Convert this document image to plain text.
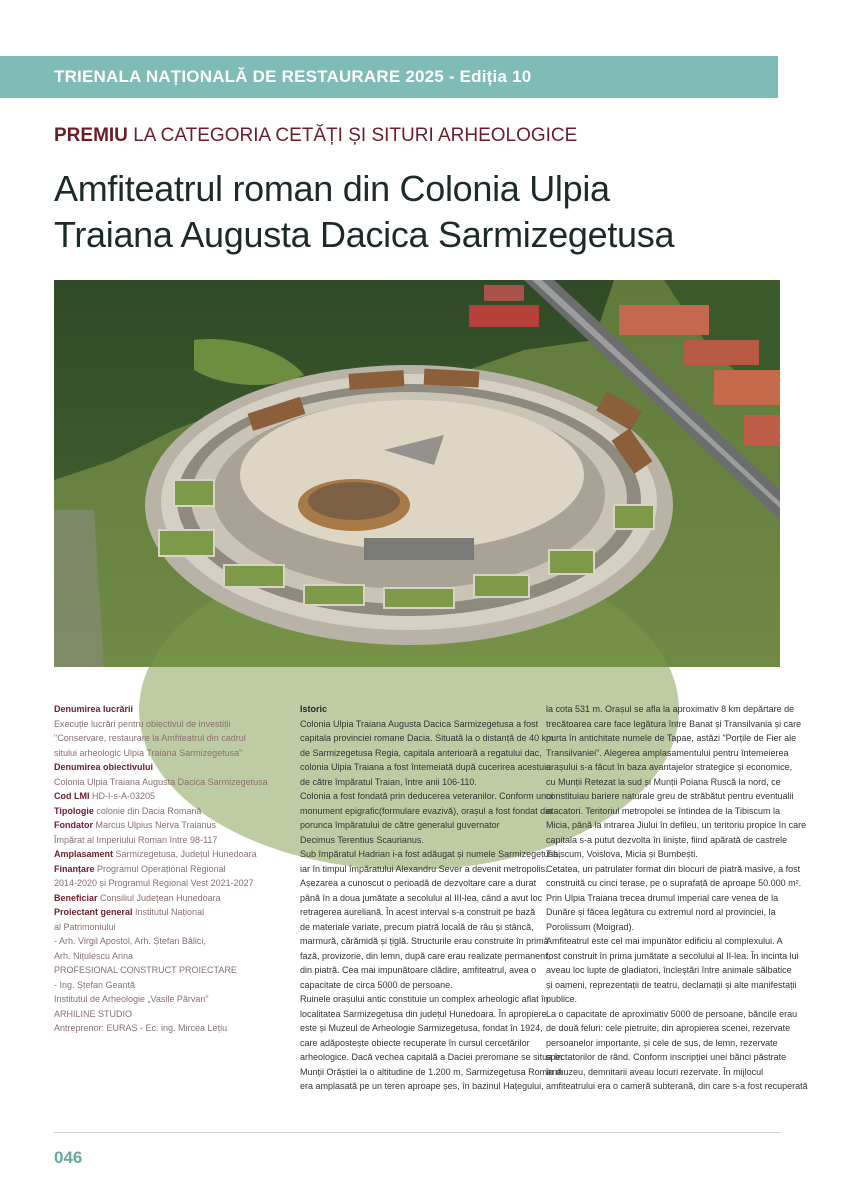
TRIENALA NAȚIONALĂ DE RESTAURARE 2025 - Ediția 10
PREMIU LA CATEGORIA CETĂȚI ȘI SITURI ARHEOLOGICE
Amfiteatrul roman din Colonia Ulpia
Traiana Augusta Dacica Sarmizegetusa
Denumirea lucrării
Execuție lucrări pentru obiectivul de investiții
"Conservare, restaurare la Amfiteatrul din cadrul
sitului arheologic Ulpia Traiana Sarmizegetusa"
Denumirea obiectivului
Colonia Ulpia Traiana Augusta Dacica Sarmizegetusa
Cod LMI HD-I-s-A-03205
Tipologie colonie din Dacia Romană
Fondator Marcus Ulpius Nerva Traianus
Împărat al Imperiului Roman între 98-117
Amplasament Sarmizegetusa, Județul Hunedoara
Finanțare Programul Operațional Regional
2014-2020 și Programul Regional Vest 2021-2027
Beneficiar Consiliul Județean Hunedoara
Proiectant general Institutul Național
al Patrimoniului
- Arh. Virgil Apostol, Arh. Ștefan Bâlici,
Arh. Nițulescu Arina
PROFESIONAL CONSTRUCT PROIECTARE
- Ing. Ștefan Geantă
Institutul de Arheologie „Vasile Pârvan"
ARHILINE STUDIO
Antreprenor: EURAS - Ec. ing. Mircea Lețiu
Istoric
Colonia Ulpia Traiana Augusta Dacica Sarmizegetusa a fost
capitala provinciei romane Dacia. Situată la o distanță de 40 km
de Sarmizegetusa Regia, capitala anterioară a regatului dac,
colonia Ulpia Traiana a fost întemeiată după cucerirea acestuia
de către împăratul Traian, între anii 106-110.
Colonia a fost fondată prin deducerea veteranilor. Conform unui
monument epigrafic(formulare evazivă), orașul a fost fondat din
porunca împăratului de către generalul guvernator
Decimus Terentius Scaurianus.
Sub împăratul Hadrian i-a fost adăugat și numele Sarmizegetusa,
iar în timpul împăratului Alexandru Sever a devenit metropolis.
Așezarea a cunoscut o perioadă de dezvoltare care a durat
până în a doua jumătate a secolului al III-lea, când a avut loc
retragerea aureliană. În acest interval s-a construit pe bază
de materiale variate, precum piatră locală de râu și stâncă,
marmură, cărămidă și țiglă. Structurile erau construite în primă
fază, provizorie, din lemn, după care erau realizate permanent,
din piatră. Cea mai impunătoare clădire, amfiteatrul, avea o
capacitate de circa 5000 de persoane.
Ruinele orașului antic constituie un complex arheologic aflat în
localitatea Sarmizegetusa din județul Hunedoara. În apropiere
este și Muzeul de Arheologie Sarmizegetusa, fondat în 1924,
care adăpostește obiecte recuperate în cursul cercetărilor
arheologice. Dacă vechea capitală a Daciei preromane se situa în
Munții Orăștiei la o altitudine de 1.200 m, Sarmizegetusa Romană
era amplasată pe un teren aproape șes, în bazinul Hațegului,
la cota 531 m. Orașul se afla la aproximativ 8 km depărtare de
trecătoarea care face legătura între Banat și Transilvania și care
purta în antichitate numele de Tapae, astăzi "Porțile de Fier ale
Transilvaniei". Alegerea amplasamentului pentru întemeierea
orașului s-a făcut în baza avantajelor strategice și economice,
cu Munții Retezat la sud și Munții Poiana Ruscă la nord, ce
constituiau bariere naturale greu de străbătut pentru eventualii
atacatori. Teritoriul metropolei se întindea de la Tibiscum la
Micia, până la intrarea Jiului în defileu, un teritoriu propice în care
capitala s-a putut dezvolta în liniște, fiind apărată de castrele
Tibiscum, Voislova, Micia și Bumbești.
Cetatea, un patrulater format din blocuri de piatră masive, a fost
construită cu cinci terase, pe o suprafață de aproape 50.000 m².
Prin Ulpia Traiana trecea drumul imperial care venea de la
Dunăre și făcea legătura cu extremul nord al provinciei, la
Porolissum (Moigrad).
Amfiteatrul este cel mai impunător edificiu al complexului. A
fost construit în prima jumătate a secolului al II-lea. În incinta lui
aveau loc lupte de gladiatori, încleștări între animale sălbatice
și oameni, reprezentații de teatru, declamații și alte manifestații
publice.
La o capacitate de aproximativ 5000 de persoane, băncile erau
de două feluri: cele pietruite, din apropierea scenei, rezervate
persoanelor importante, și cele de sus, de lemn, rezervate
spectatorilor de rând. Conform inscripției unei bănci păstrate
în muzeu, demnitarii aveau locuri rezervate. În mijlocul
amfiteatrului era o cameră subterană, din care s-a fost recuperată
046
